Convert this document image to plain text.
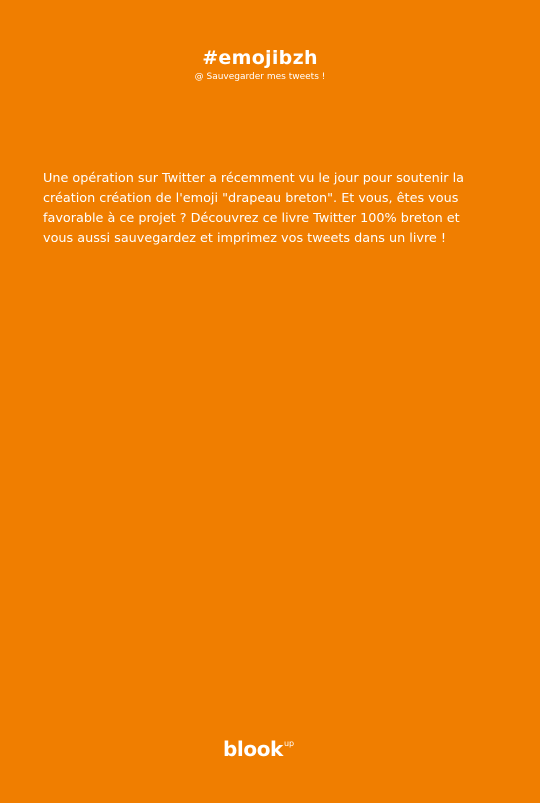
#emojibzh
@ Sauvegarder mes tweets !

Une opération sur Twitter a récemment vu le jour pour soutenir la création création de l'emoji "drapeau breton". Et vous, êtes vous favorable à ce projet ? Découvrez ce livre Twitter 100% breton et vous aussi sauvegardez et imprimez vos tweets dans un livre !

blook$^{up}$
